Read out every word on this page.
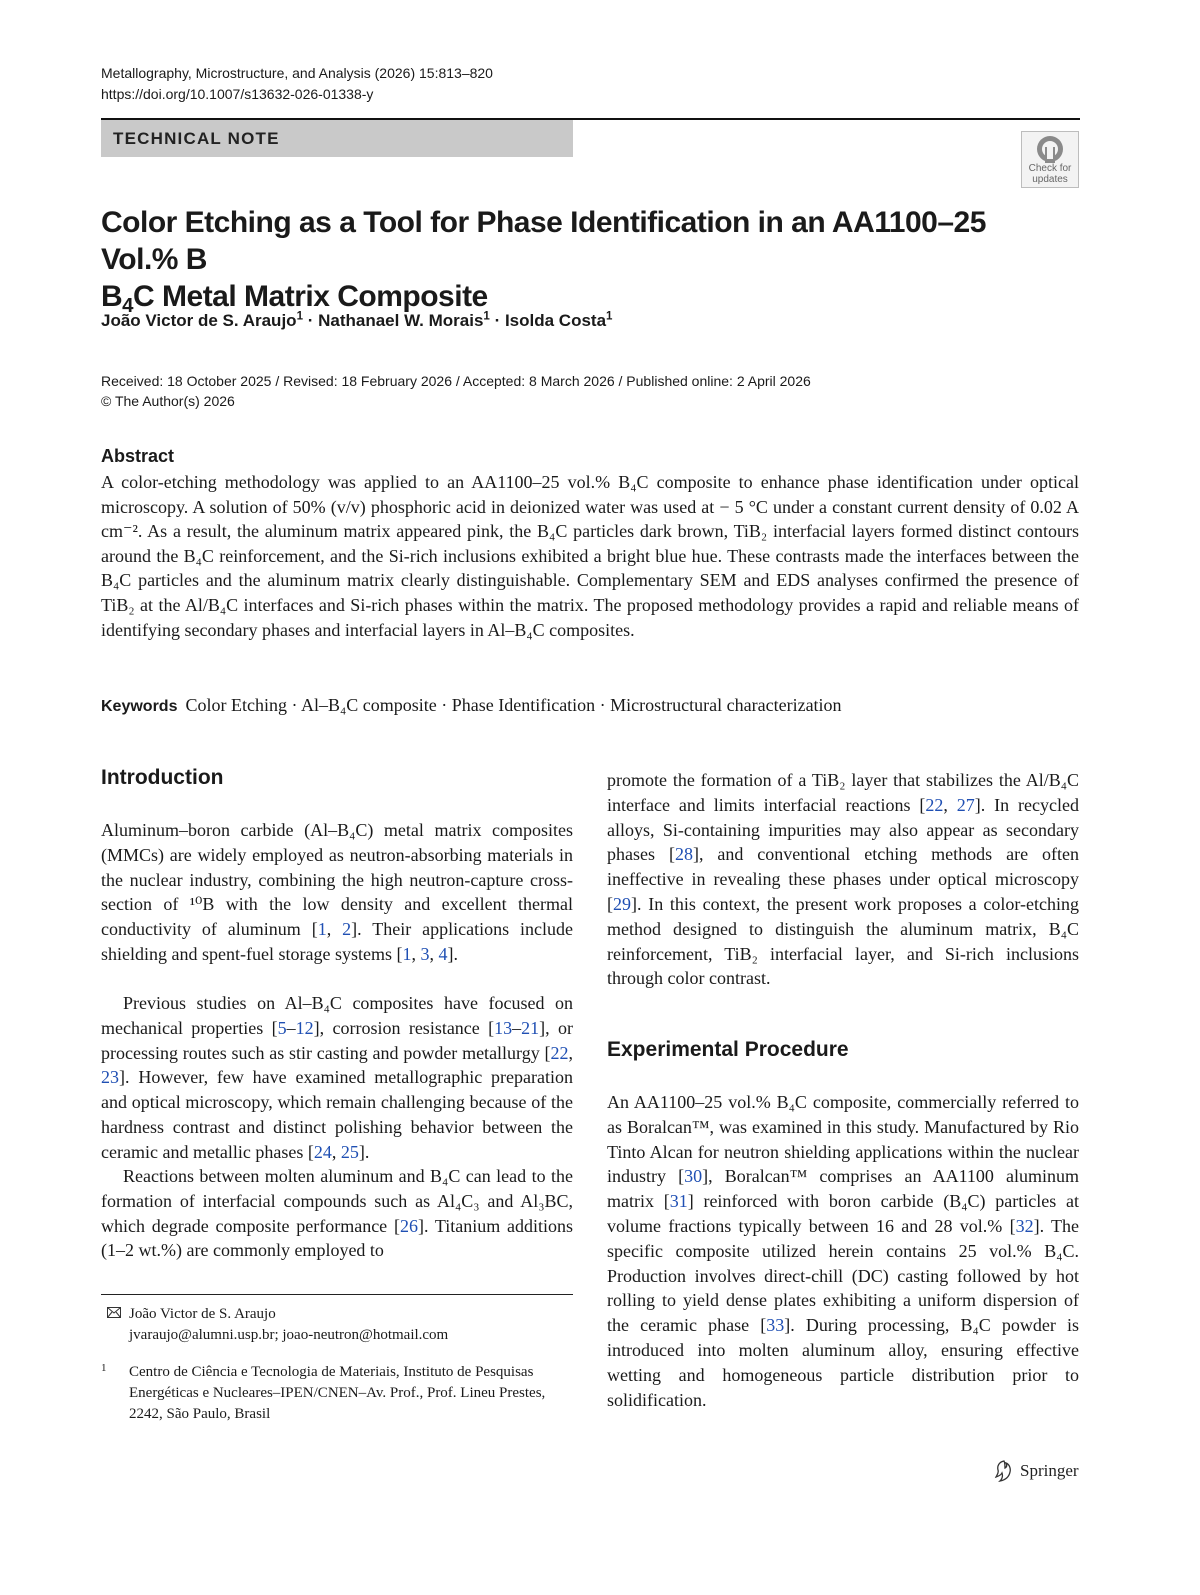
Metallography, Microstructure, and Analysis (2026) 15:813–820
https://doi.org/10.1007/s13632-026-01338-y
TECHNICAL NOTE
Check for
updates
Color Etching as a Tool for Phase Identification in an AA1100–25 Vol.% B
$B_4C$ Metal Matrix Composite
João Victor de S. Araujo$^1$ · Nathanael W. Morais$^1$ · Isolda Costa$^1$
Received: 18 October 2025 / Revised: 18 February 2026 / Accepted: 8 March 2026 / Published online: 2 April 2026
© The Author(s) 2026
Abstract

A color-etching methodology was applied to an AA1100–25 vol.% B₄C composite to enhance phase identification under optical microscopy. A solution of 50% (v/v) phosphoric acid in deionized water was used at − 5 °C under a constant current density of 0.02 A cm⁻². As a result, the aluminum matrix appeared pink, the B₄C particles dark brown, TiB₂ interfacial layers formed distinct contours around the B₄C reinforcement, and the Si-rich inclusions exhibited a bright blue hue. These contrasts made the interfaces between the B₄C particles and the aluminum matrix clearly distinguishable. Complementary SEM and EDS analyses confirmed the presence of TiB₂ at the Al/B₄C interfaces and Si-rich phases within the matrix. The proposed methodology provides a rapid and reliable means of identifying secondary phases and interfacial layers in Al–B₄C composites.

Keywords Color Etching · Al–B₄C composite · Phase Identification · Microstructural characterization
Introduction

Aluminum–boron carbide (Al–B₄C) metal matrix composites (MMCs) are widely employed as neutron-absorbing materials in the nuclear industry, combining the high neutron-capture cross-section of ¹⁰B with the low density and excellent thermal conductivity of aluminum [1, 2]. Their applications include shielding and spent-fuel storage systems [1, 3, 4].

Previous studies on Al–B₄C composites have focused on mechanical properties [5–12], corrosion resistance [13–21], or processing routes such as stir casting and powder metallurgy [22, 23]. However, few have examined metallographic preparation and optical microscopy, which remain challenging because of the hardness contrast and distinct polishing behavior between the ceramic and metallic phases [24, 25].

Reactions between molten aluminum and B₄C can lead to the formation of interfacial compounds such as Al₄C₃ and Al₃BC, which degrade composite performance [26]. Titanium additions (1–2 wt.%) are commonly employed to

promote the formation of a TiB₂ layer that stabilizes the Al/B₄C interface and limits interfacial reactions [22, 27]. In recycled alloys, Si-containing impurities may also appear as secondary phases [28], and conventional etching methods are often ineffective in revealing these phases under optical microscopy [29]. In this context, the present work proposes a color-etching method designed to distinguish the aluminum matrix, B₄C reinforcement, TiB₂ interfacial layer, and Si-rich inclusions through color contrast.

Experimental Procedure

An AA1100–25 vol.% B₄C composite, commercially referred to as Boralcan™, was examined in this study. Manufactured by Rio Tinto Alcan for neutron shielding applications within the nuclear industry [30], Boralcan™ comprises an AA1100 aluminum matrix [31] reinforced with boron carbide (B₄C) particles at volume fractions typically between 16 and 28 vol.% [32]. The specific composite utilized herein contains 25 vol.% B₄C. Production involves direct-chill (DC) casting followed by hot rolling to yield dense plates exhibiting a uniform dispersion of the ceramic phase [33]. During processing, B₄C powder is introduced into molten aluminum alloy, ensuring effective wetting and homogeneous particle distribution prior to solidification.

João Victor de S. Araujo
jvaraujo@alumni.usp.br; joao-neutron@hotmail.com
1 Centro de Ciência e Tecnologia de Materiais, Instituto de Pesquisas Energéticas e Nucleares–IPEN/CNEN–Av. Prof., Prof. Lineu Prestes, 2242, São Paulo, Brasil
Springer
